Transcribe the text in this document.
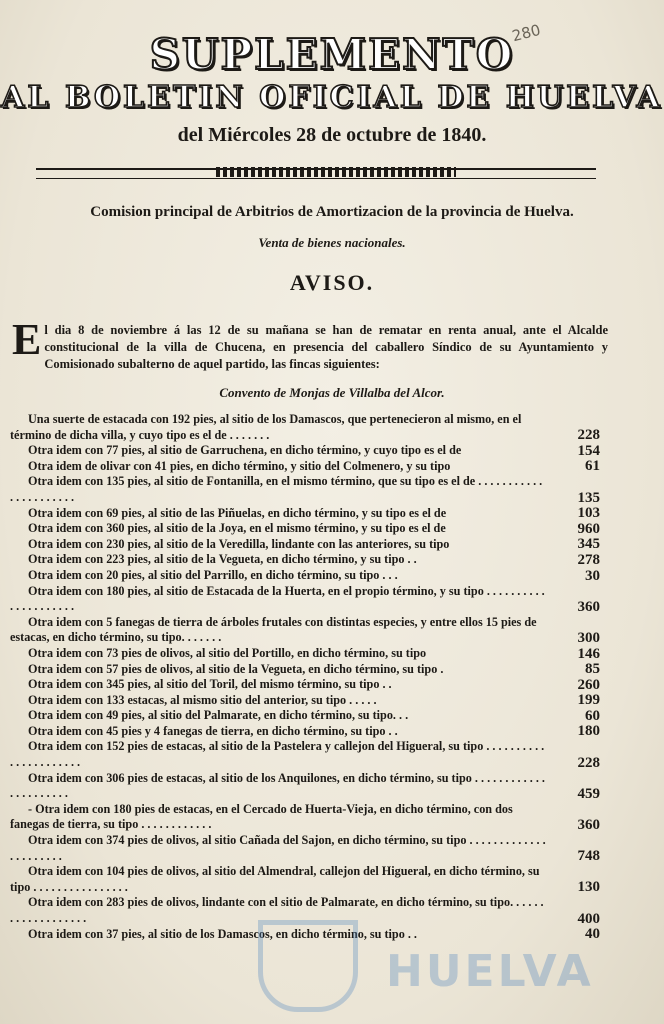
280
SUPLEMENTO
AL BOLETIN OFICIAL DE HUELVA
del Miércoles 28 de octubre de 1840.
Comision principal de Arbitrios de Amortizacion de la provincia de Huelva.
Venta de bienes nacionales.
AVISO.
El dia 8 de noviembre á las 12 de su mañana se han de rematar en renta anual, ante el Alcalde constitucional de la villa de Chucena, en presencia del caballero Síndico de su Ayuntamiento y Comisionado subalterno de aquel partido, las fincas siguientes:
Convento de Monjas de Villalba del Alcor.
Una suerte de estacada con 192 pies, al sitio de los Damascos, que pertenecieron al mismo, en el término de dicha villa, y cuyo tipo es el de . . . . . . .	228
Otra idem con 77 pies, al sitio de Garruchena, en dicho término, y cuyo tipo es el de	154
Otra idem de olivar con 41 pies, en dicho término, y sitio del Colmenero, y su tipo	61
Otra idem con 135 pies, al sitio de Fontanilla, en el mismo término, que su tipo es el de . . . . . . . . . . . . . . . . . . . . . .	135
Otra idem con 69 pies, al sitio de las Piñuelas, en dicho término, y su tipo es el de	103
Otra idem con 360 pies, al sitio de la Joya, en el mismo término, y su tipo es el de	960
Otra idem con 230 pies, al sitio de la Veredilla, lindante con las anteriores, su tipo	345
Otra idem con 223 pies, al sitio de la Vegueta, en dicho término, y su tipo . .	278
Otra idem con 20 pies, al sitio del Parrillo, en dicho término, su tipo . . .	30
Otra idem con 180 pies, al sitio de Estacada de la Huerta, en el propio término, y su tipo . . . . . . . . . . . . . . . . . . . . .	360
Otra idem con 5 fanegas de tierra de árboles frutales con distintas especies, y entre ellos 15 pies de estacas, en dicho término, su tipo. . . . . . .	300
Otra idem con 73 pies de olivos, al sitio del Portillo, en dicho término, su tipo	146
Otra idem con 57 pies de olivos, al sitio de la Vegueta, en dicho término, su tipo .	85
Otra idem con 345 pies, al sitio del Toril, del mismo término, su tipo . .	260
Otra idem con 133 estacas, al mismo sitio del anterior, su tipo . . . . .	199
Otra idem con 49 pies, al sitio del Palmarate, en dicho término, su tipo. . .	60
Otra idem con 45 pies y 4 fanegas de tierra, en dicho término, su tipo . .	180
Otra idem con 152 pies de estacas, al sitio de la Pastelera y callejon del Higueral, su tipo . . . . . . . . . . . . . . . . . . . . . .	228
Otra idem con 306 pies de estacas, al sitio de los Anquilones, en dicho término, su tipo . . . . . . . . . . . . . . . . . . . . . .	459
- Otra idem con 180 pies de estacas, en el Cercado de Huerta-Vieja, en dicho término, con dos fanegas de tierra, su tipo . . . . . . . . . . . .	360
Otra idem con 374 pies de olivos, al sitio Cañada del Sajon, en dicho término, su tipo . . . . . . . . . . . . . . . . . . . . . .	748
Otra idem con 104 pies de olivos, al sitio del Almendral, callejon del Higueral, en dicho término, su tipo . . . . . . . . . . . . . . . .	130
Otra idem con 283 pies de olivos, lindante con el sitio de Palmarate, en dicho término, su tipo. . . . . . . . . . . . . . . . . . .	400
Otra idem con 37 pies, al sitio de los Damascos, en dicho término, su tipo . .	40
HUELVA
